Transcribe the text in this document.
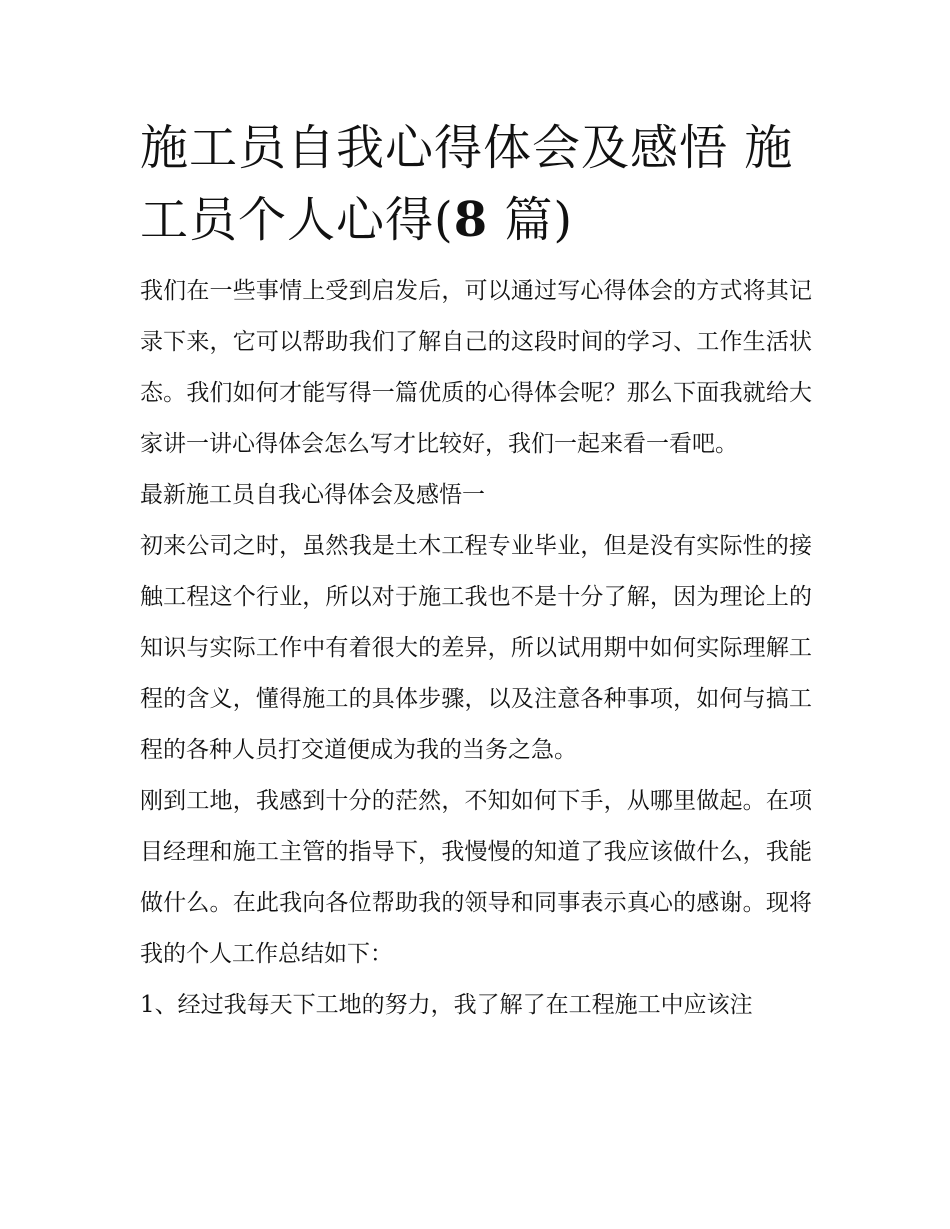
施工员自我心得体会及感悟 施工员个人心得(8 篇)

我们在一些事情上受到启发后，可以通过写心得体会的方式将其记录下来，它可以帮助我们了解自己的这段时间的学习、工作生活状态。我们如何才能写得一篇优质的心得体会呢？那么下面我就给大家讲一讲心得体会怎么写才比较好，我们一起来看一看吧。

最新施工员自我心得体会及感悟一

初来公司之时，虽然我是土木工程专业毕业，但是没有实际性的接触工程这个行业，所以对于施工我也不是十分了解，因为理论上的知识与实际工作中有着很大的差异，所以试用期中如何实际理解工程的含义，懂得施工的具体步骤，以及注意各种事项，如何与搞工程的各种人员打交道便成为我的当务之急。

刚到工地，我感到十分的茫然，不知如何下手，从哪里做起。在项目经理和施工主管的指导下，我慢慢的知道了我应该做什么，我能做什么。在此我向各位帮助我的领导和同事表示真心的感谢。现将我的个人工作总结如下：

1、经过我每天下工地的努力，我了解了在工程施工中应该注
